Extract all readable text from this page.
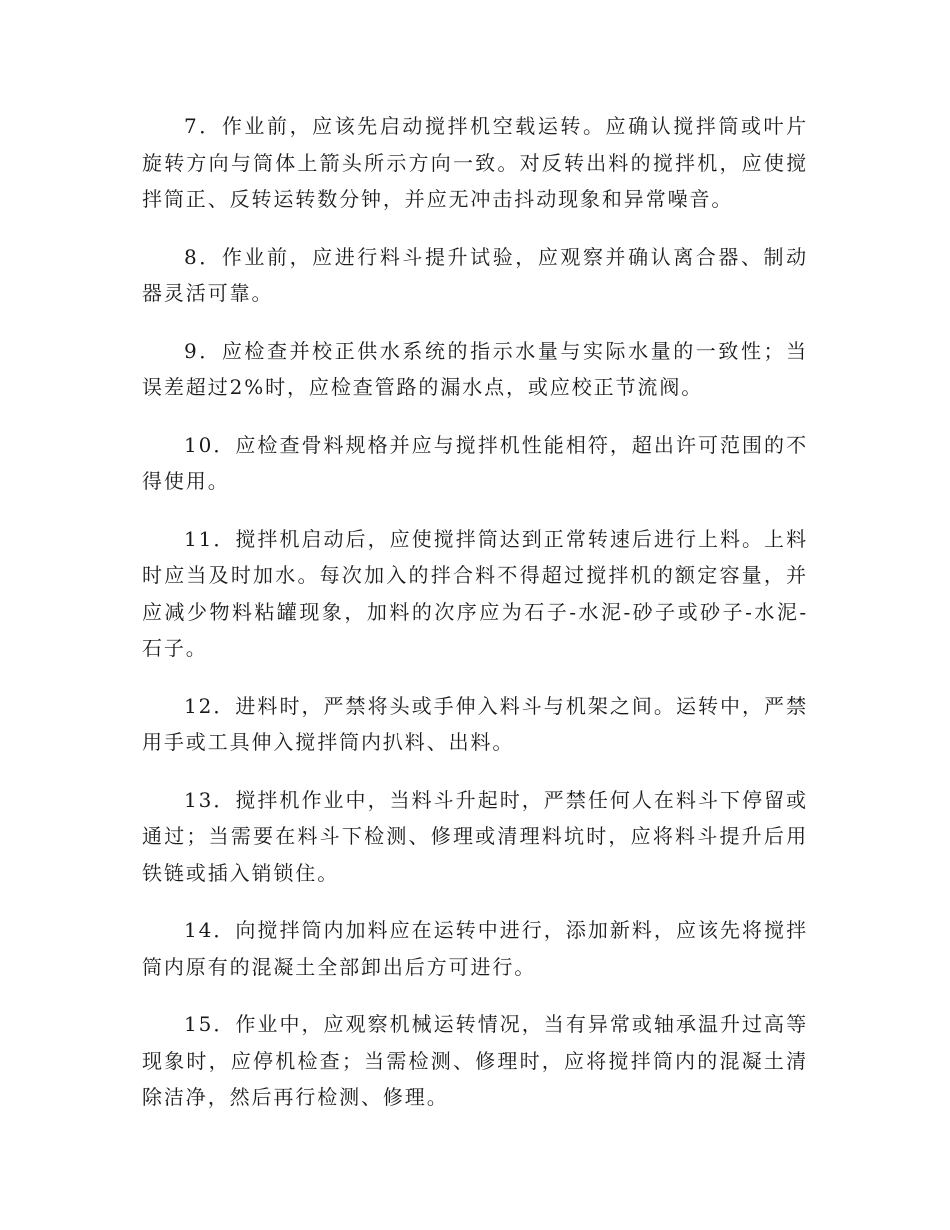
7．作业前，应该先启动搅拌机空载运转。应确认搅拌筒或叶片旋转方向与筒体上箭头所示方向一致。对反转出料的搅拌机，应使搅拌筒正、反转运转数分钟，并应无冲击抖动现象和异常噪音。

8．作业前，应进行料斗提升试验，应观察并确认离合器、制动器灵活可靠。

9．应检查并校正供水系统的指示水量与实际水量的一致性；当误差超过2%时，应检查管路的漏水点，或应校正节流阀。

10．应检查骨料规格并应与搅拌机性能相符，超出许可范围的不得使用。

11．搅拌机启动后，应使搅拌筒达到正常转速后进行上料。上料时应当及时加水。每次加入的拌合料不得超过搅拌机的额定容量，并应减少物料粘罐现象，加料的次序应为石子-水泥-砂子或砂子-水泥-石子。

12．进料时，严禁将头或手伸入料斗与机架之间。运转中，严禁用手或工具伸入搅拌筒内扒料、出料。

13．搅拌机作业中，当料斗升起时，严禁任何人在料斗下停留或通过；当需要在料斗下检测、修理或清理料坑时，应将料斗提升后用铁链或插入销锁住。

14．向搅拌筒内加料应在运转中进行，添加新料，应该先将搅拌筒内原有的混凝土全部卸出后方可进行。

15．作业中，应观察机械运转情况，当有异常或轴承温升过高等现象时，应停机检查；当需检测、修理时，应将搅拌筒内的混凝土清除洁净，然后再行检测、修理。
